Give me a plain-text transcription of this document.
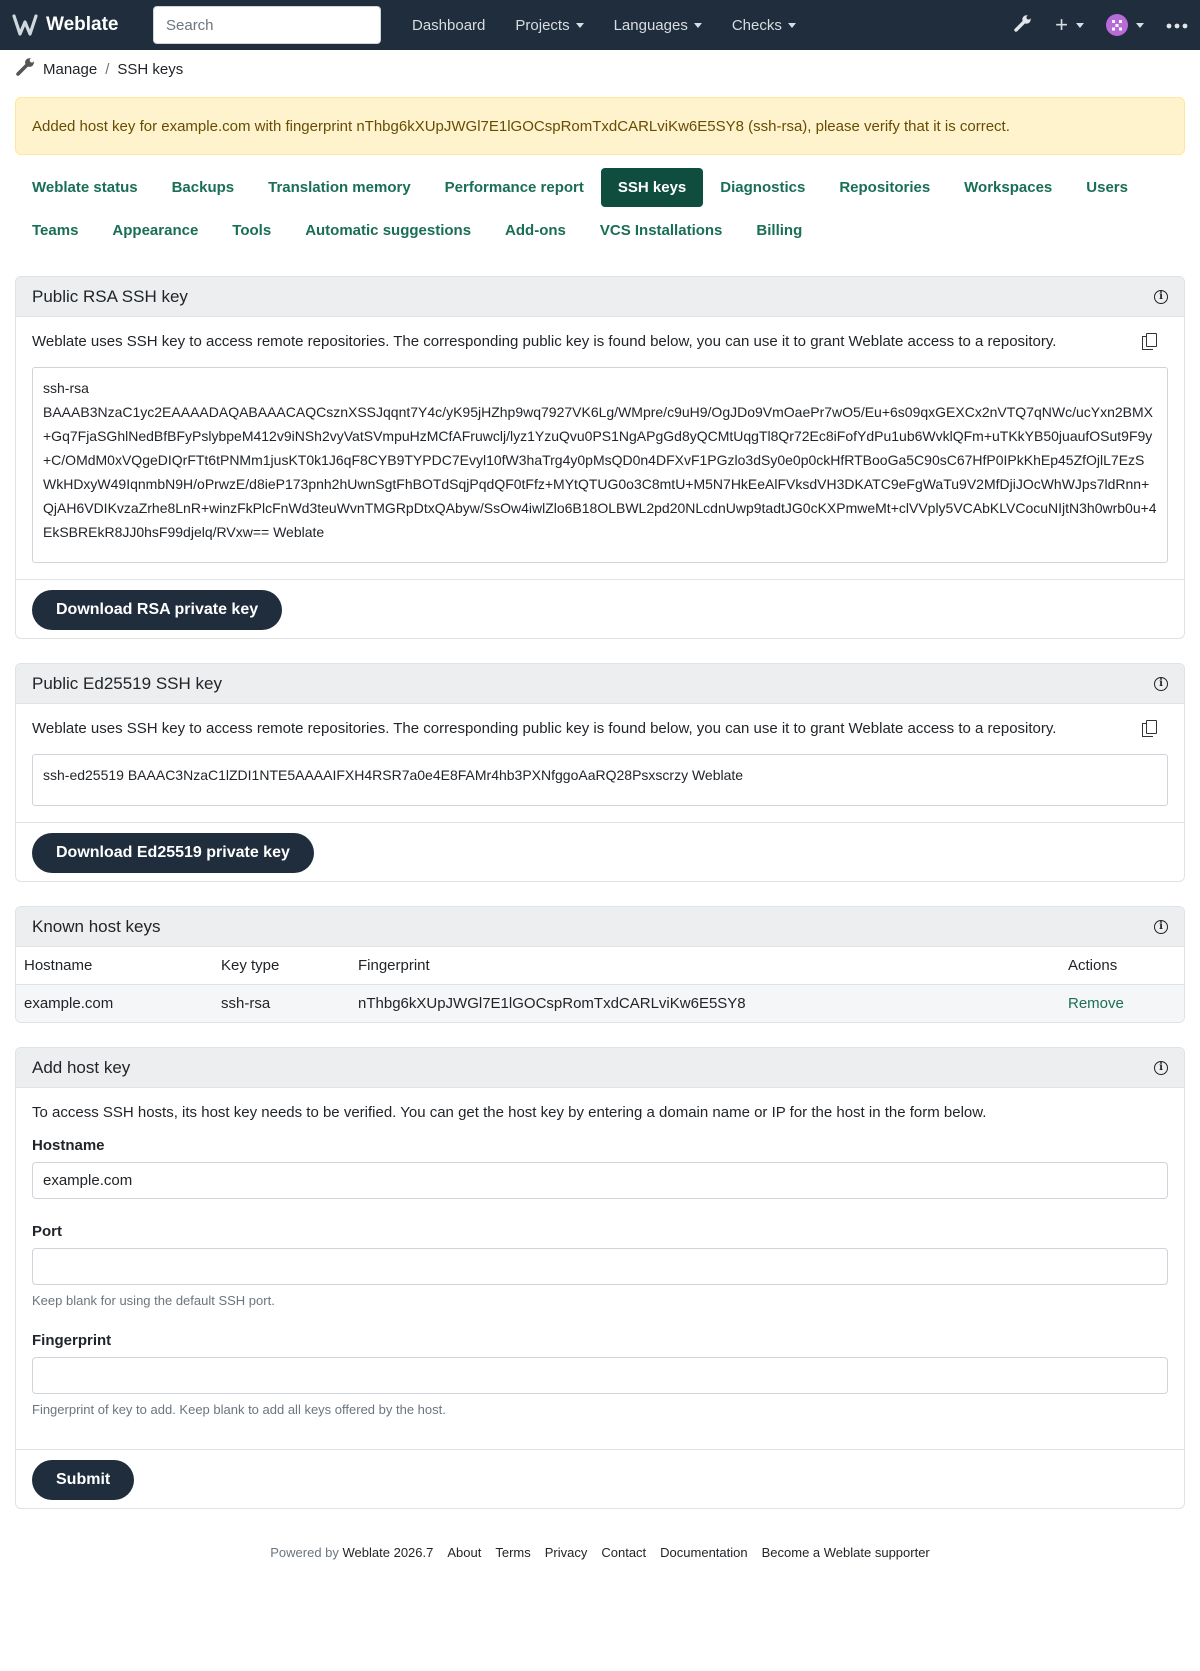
Weblate
Search	Dashboard Projects	Languages	Checks	+
Manage / SSH keys
Added host key for example.com with fingerprint nThbg6kXUpJWGl7E1lGOCspRomTxdCARLviKw6E5SY8 (ssh-rsa), please verify that it is correct.
Weblate status	Backups	Translation memory	Performance report	SSH keys	Diagnostics	Repositories	Workspaces	Users
Teams	Appearance	Tools	Automatic suggestions	Add-ons	VCS Installations	Billing
Public RSA SSH key	i
Weblate uses SSH key to access remote repositories. The corresponding public key is found below, you can use it to grant Weblate access to a repository.
ssh-rsa
BAAAB3NzaC1yc2EAAAADAQABAAACAQCsznXSSJqqnt7Y4c/yK95jHZhp9wq7927VK6Lg/WMpre/c9uH9/OgJDo9VmOaePr7wO5/Eu+6s09qxGEXCx2nVTQ7qNWc/ucYxn2BMX+Gq7FjaSGhlNedBfBFyPslybpeM412v9iNSh2vyVatSVmpuHzMCfAFruwclj/lyz1YzuQvu0PS1NgAPgGd8yQCMtUqgTl8Qr72Ec8iFofYdPu1ub6WvklQFm+uTKkYB50juaufOSut9F9y+C/OMdM0xVQgeDIQrFTt6tPNMm1jusKT0k1J6qF8CYB9TYPDC7Evyl10fW3haTrg4y0pMsQD0n4DFXvF1PGzlo3dSy0e0p0ckHfRTBooGa5C90sC67HfP0IPkKhEp45ZfOjlL7EzSWkHDxyW49IqnmbN9H/oPrwzE/d8ieP173pnh2hUwnSgtFhBOTdSqjPqdQF0tFfz+MYtQTUG0o3C8mtU+M5N7HkEeAlFVksdVH3DKATC9eFgWaTu9V2MfDjiJOcWhWJps7ldRnn+QjAH6VDIKvzaZrhe8LnR+winzFkPlcFnWd3teuWvnTMGRpDtxQAbyw/SsOw4iwlZlo6B18OLBWL2pd20NLcdnUwp9tadtJG0cKXPmweMt+clVVply5VCAbKLVCocuNIjtN3h0wrb0u+4EkSBREkR8JJ0hsF99djelq/RVxw== Weblate
Download RSA private key
Public Ed25519 SSH key	i
Weblate uses SSH key to access remote repositories. The corresponding public key is found below, you can use it to grant Weblate access to a repository.
ssh-ed25519 BAAAC3NzaC1lZDI1NTE5AAAAIFXH4RSR7a0e4E8FAMr4hb3PXNfggoAaRQ28Psxscrzy Weblate
Download Ed25519 private key
Known host keys	i
Hostname	Key type	Fingerprint	Actions
example.com	ssh-rsa	nThbg6kXUpJWGl7E1lGOCspRomTxdCARLviKw6E5SY8	Remove
Add host key	i
To access SSH hosts, its host key needs to be verified. You can get the host key by entering a domain name or IP for the host in the form below.
Hostname
example.com
Port
Keep blank for using the default SSH port.
Fingerprint
Fingerprint of key to add. Keep blank to add all keys offered by the host.
Submit
Powered by Weblate 2026.7 About Terms Privacy Contact Documentation Become a Weblate supporter
